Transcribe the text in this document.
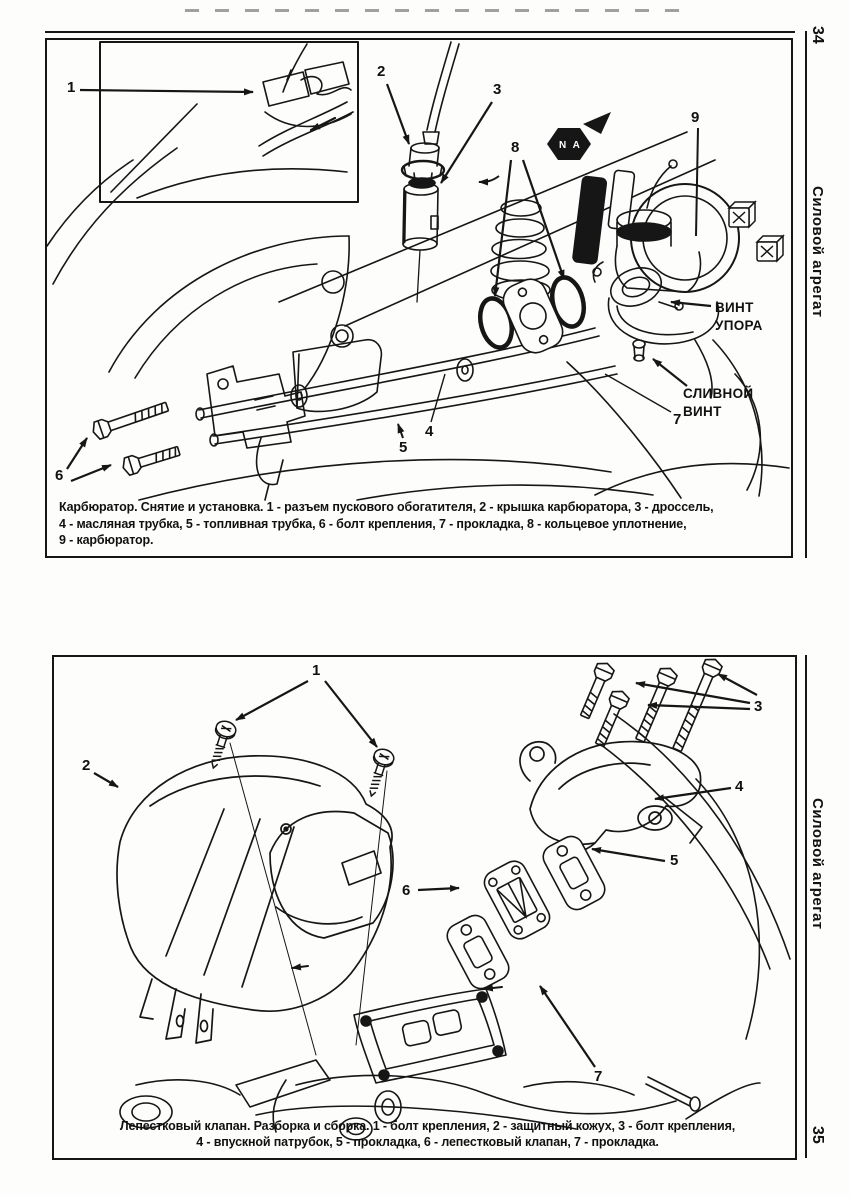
N A
1
2
3
4
5
6
7
8
9
ВИНТ
УПОРА
СЛИВНОЙ
ВИНТ
Карбюратор. Снятие и установка. 1 - разъем пускового обогатителя, 2 - крышка карбюратора, 3 - дроссель,
4 - масляная трубка, 5 - топливная трубка, 6 - болт крепления, 7 - прокладка, 8 - кольцевое уплотнение,
9 - карбюратор.
1
2
3
4
5
6
7
Лепестковый клапан. Разборка и сборка. 1 - болт крепления, 2 - защитный кожух, 3 - болт крепления,
4 - впускной патрубок, 5 - прокладка, 6 - лепестковый клапан, 7 - прокладка.
34
Силовой агрегат
Силовой агрегат
35
